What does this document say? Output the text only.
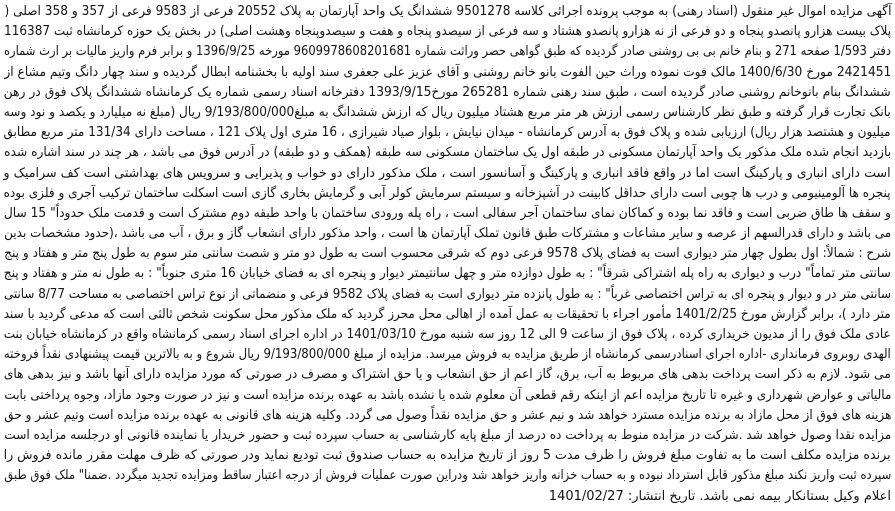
آگهی مزایده اموال غیر منقول (اسناد رهنی) به موجب پرونده اجرائی کلاسه 9501278 ششدانگ یک واحد آپارتمان به پلاک 20552 فرعی از 9583 فرعی از 357 و 358 اصلی (
پلاک بیست هزارو پانصدو پنجاه و دو فرعی از نه هزارو پانصدو هشتاد و سه فرعی از سیصدو پنجاه و هفت و سیصدوپنجاه وهشت اصلی) در بخش یک حوزه کرمانشاه ثبت 116387
دفتر 1/593 صفحه 271 و بنام خانم بی بی روشنی صادر گردیده که طبق گواهی حصر وراثت شماره 9609978608201681 مورخه 1396/9/25 و برابر فرم واریز مالیات بر ارث شماره
2421451 مورخ 1400/6/30 مالک فوت نموده وراث حین الفوت بانو خانم روشنی و آقای عزیز علی جعفری سند اولیه با بخشنامه ابطال گردیده و سند چهار دانگ وتیم مشاع از
ششدانگ بنام بانوخانم روشنی صادر گردیده است ، طبق سند رهنی شماره 265281 مورخ1393/9/15 دفترخانه اسناد رسمی شماره یک کرمانشاه ششدانگ پلاک فوق در رهن
بانک تجارت قرار گرفته و طبق نظر کارشناس رسمی ارزش هر متر مربع هشتاد میلیون ریال که ارزش ششدانگ به مبلغ9/193/800/000 ریال (مبلغ نه میلیارد و یکصد و نود وسه
میلیون و هشتصد هزار ریال) ارزیابی شده و پلاک فوق به آدرس کرمانشاه - میدان نیایش ، بلوار صیاد شیرازی ، 16 متری اول پلاک 121 ، مساحت دارای 131/34 متر مربع مطابق
بازدید انجام شده ملک مذکور یک واحد آپارتمان مسکونی در طبقه اول یک ساختمان مسکونی سه طبقه (همکف و دو طبقه) در آدرس فوق می باشد ، هر چند در سند اشاره شده
است دارای انباری و پارکینگ است اما در واقع فاقد انباری و پارکینگ و آسانسور است ، ملک مذکور دارای دو خواب و پذیرایی و سرویس های بهداشتی است کف سرامیک و
پنجره ها آلومینیومی و درب ها چوبی است دارای حداقل کابینت در آشپزخانه و سیستم سرمایش کولر آبی و گرمایش بخاری گازی است اسکلت ساختمان ترکیب آجری و فلزی بوده
و سقف ها طاق ضربی است و فاقد نما بوده و کماکان نمای ساختمان آجر سفالی است ، راه پله ورودی ساختمان با واحد طبقه دوم مشترک است و قدمت ملک حدوداً" 15 سال
می باشد و دارای قدرالسهم از عرصه و سایر مشاعات و مشترکات طبق قانون تملک آپارتمان ها است ، واحد مذکور دارای انشعاب گاز و برق ، آب می باشد ،(حدود مشخصات بدین
شرح : شمالاً: اول بطول چهار متر دیواری است به فضای پلاک 9578 فرعی دوم که شرقی محسوب است به طول دو متر و شصت سانتی متر سوم به طول پنج متر و هفتاد و پنج
سانتی متر تماماً" درب و دیواری به راه پله اشتراکی شرقاً" : به طول دوازده متر و چهل سانتیمتر دیوار و پنجره ای به فضای خیابان 16 متری جنوباً" : به طول نه متر و هفتاد و پنج
سانتی متر در و دیوار و پنجره ای به تراس اختصاصی غرباً" : به طول پانزده متر دیواری است به فضای پلاک 9582 فرعی و منضماتی از نوع تراس اختصاصی به مساحت 8/77 سانتی
متر دارد )، برابر گزارش مورخ 1401/2/25 مأمور اجراء با تحقیقات به عمل آمده از اهالی محل محرز گردید که ملک مذکور محل سکونت شخص ثالثی است که مدعی گردید با سند
عادی ملک فوق را از مدیون خریداری کرده ، پلاک فوق از ساعت 9 الی 12 روز سه شنبه مورخ 1401/03/10 در اداره اجرای اسناد رسمی کرمانشاه واقع در کرمانشاه خیابان بنت
الهدی روبروی فرمانداری -اداره اجرای اسنادرسمی کرمانشاه از طریق مزایده به فروش میرسد. مزایده از مبلغ 9/193/800/000 ریال شروع و به بالاترین قیمت پیشنهادی نقداً فروخته
می شود. لازم به ذکر است پرداخت بدهی های مربوط به آب، برق، گاز اعم از حق انشعاب و یا حق اشتراک و مصرف در صورتی که مورد مزایده دارای آنها باشد و نیز بدهی های
مالیاتی و عوارض شهرداری و غیره تا تاریخ مزایده اعم از اینکه رقم قطعی آن معلوم شده یا نشده باشد به عهده برنده مزایده است و نیز در صورت وجود مازاد، وجوه پرداختی بابت
هزینه های فوق از محل مازاد به برنده مزایده مسترد خواهد شد و نیم عشر و حق مزایده نقداً وصول می گردد. وکلیه هزینه های قانونی به عهده برنده مزایده است وتیم عشر و حق
مزایده نقدا وصول خواهد شد .شرکت در مزایده منوط به پرداخت ده درصد از مبلغ پایه کارشناسی به حساب سپرده ثبت و حضور خریدار یا نماینده قانونی او درجلسه مزایده است
برنده مزایده مکلف است ما به تفاوت مبلغ فروش را ظرف مدت 5 روز از تاریخ مزایده به حساب صندوق ثبت تودیع نماید ودر صورتی که ظرف مهلت مقرر مانده فروش را
سپرده ثبت واریز نکند مبلغ مذکور قابل استرداد نبوده و به حساب خزانه واریز خواهد شد ودراین صورت عملیات فروش از درجه اعتبار ساقط ومزایده تجدید میگردد .ضمنا" ملک فوق طبق
اعلام وکیل بستانکار بیمه نمی باشد. تاریخ انتشار: 1401/02/27
